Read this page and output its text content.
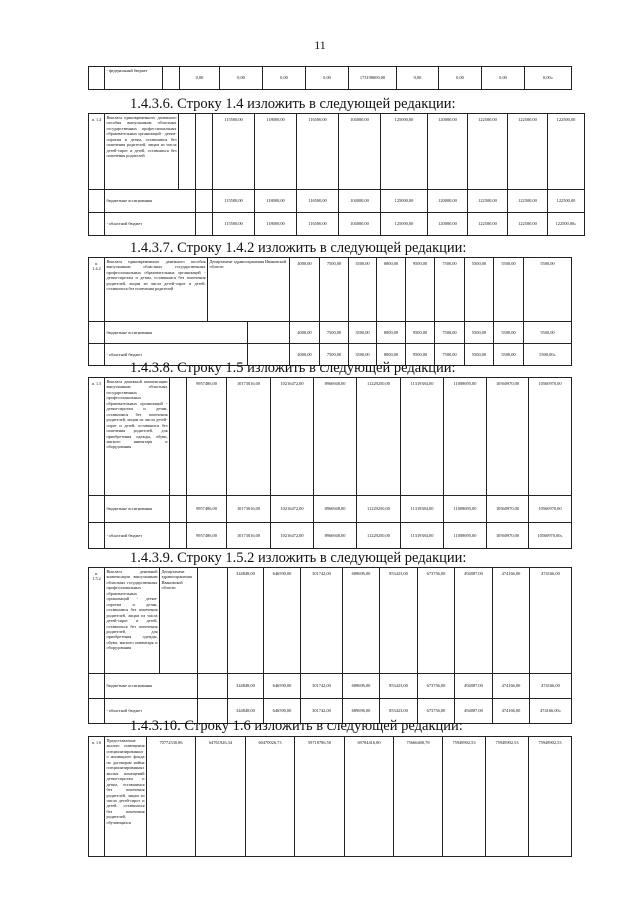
11
	- федеральный бюджет		0,00	0,00	0,00	0,00	173198000,00	0,00	0,00	0,00	0,00»
1.4.3.6. Строку 1.4 изложить в следующей редакции:
п. 1.4	Выплата единовременного денежного пособия выпускникам областных государственных профессиональных образовательных организаций - детям-сиротам и детям, оставшимся без попечения родителей, лицам из числа детей-сирот и детей, оставшихся без попечения родителей			115500,00	118000,00	116500,00	104000,00	125000,00	120000,00	122500,00	122500,00	122500,00
	бюджетные ассигнования			115500,00	118000,00	116500,00	104000,00	125000,00	120000,00	122500,00	122500,00	122500,00
	- областной бюджет			115500,00	118000,00	116500,00	104000,00	125000,00	120000,00	122500,00	122500,00	122500,00»
1.4.3.7. Строку 1.4.2 изложить в следующей редакции:
п. 1.4.2	Выплата единовременного денежного пособия выпускникам областных государственных профессиональных образовательных организаций - детям-сиротам и детям, оставшимся без попечения родителей, лицам из числа детей-сирот и детей, оставшихся без попечения родителей	Департамент здравоохранения Ивановской области		4000,00	7500,00	3500,00	8000,00	9500,00	7500,00	5500,00	5500,00	5500,00
	бюджетные ассигнования			4000,00	7500,00	3500,00	8000,00	9500,00	7500,00	5500,00	5500,00	5500,00
	- областной бюджет			4000,00	7500,00	3500,00	8000,00	9500,00	7500,00	5500,00	5500,00	5500,00»
1.4.3.8. Строку 1.5 изложить в следующей редакции:
п. 1.5	Выплата денежной компенсации выпускникам областных государственных профессиональных образовательных организаций - детям-сиротам и детям, оставшимся без попечения родителей, лицам из числа детей-сирот и детей, оставшихся без попечения родителей, для приобретения одежды, обуви, мягкого инвентаря и оборудования		9957486,00	10173016,00	10216472,00	8966948,00	11229250,00	11319384,00	11008695,00	10560970,00	10560970,00
	бюджетные ассигнования		9957486,00	10173016,00	10216472,00	8966948,00	11229250,00	11319384,00	11008695,00	10560970,00	10560970,00
	- областной бюджет		9957486,00	10173016,00	10216472,00	8966948,00	11229250,00	11319384,00	11008695,00	10560970,00	10560970,00»
1.4.3.9. Строку 1.5.2 изложить в следующей редакции:
п. 1.5.2	Выплата денежной компенсации выпускникам областных государственных профессиональных образовательных организаций - детям-сиротам и детям, оставшимся без попечения родителей, лицам из числа детей-сирот и детей, оставшихся без попечения родителей, для приобретения одежды, обуви, мягкого инвентаря и оборудования	Департамент здравоохранения Ивановской области		344848,00	646590,00	301742,00	689696,00	853423,00	673756,00	494087,00	474166,00	474166,00
	бюджетные ассигнования			344848,00	646590,00	301742,00	689696,00	853423,00	673756,00	494087,00	474166,00	474166,00
	- областной бюджет			344848,00	646590,00	301742,00	689696,00	853423,00	673756,00	494087,00	474166,00	474166,00»
1.4.3.10. Строку 1.6 изложить в следующей редакции:
п. 1.6	Предоставление жилого помещения специализированного жилищного фонда по договорам найма специализированных жилых помещений детям-сиротам и детям, оставшимся без попечения родителей, лицам из числа детей-сирот и детей, оставшихся без попечения родителей, обучающихся	70772530,86	64761926,34	60470026,73	59718786,50	69784416,80	75666400,78	75948902,53	75948902,53	75948902,53
